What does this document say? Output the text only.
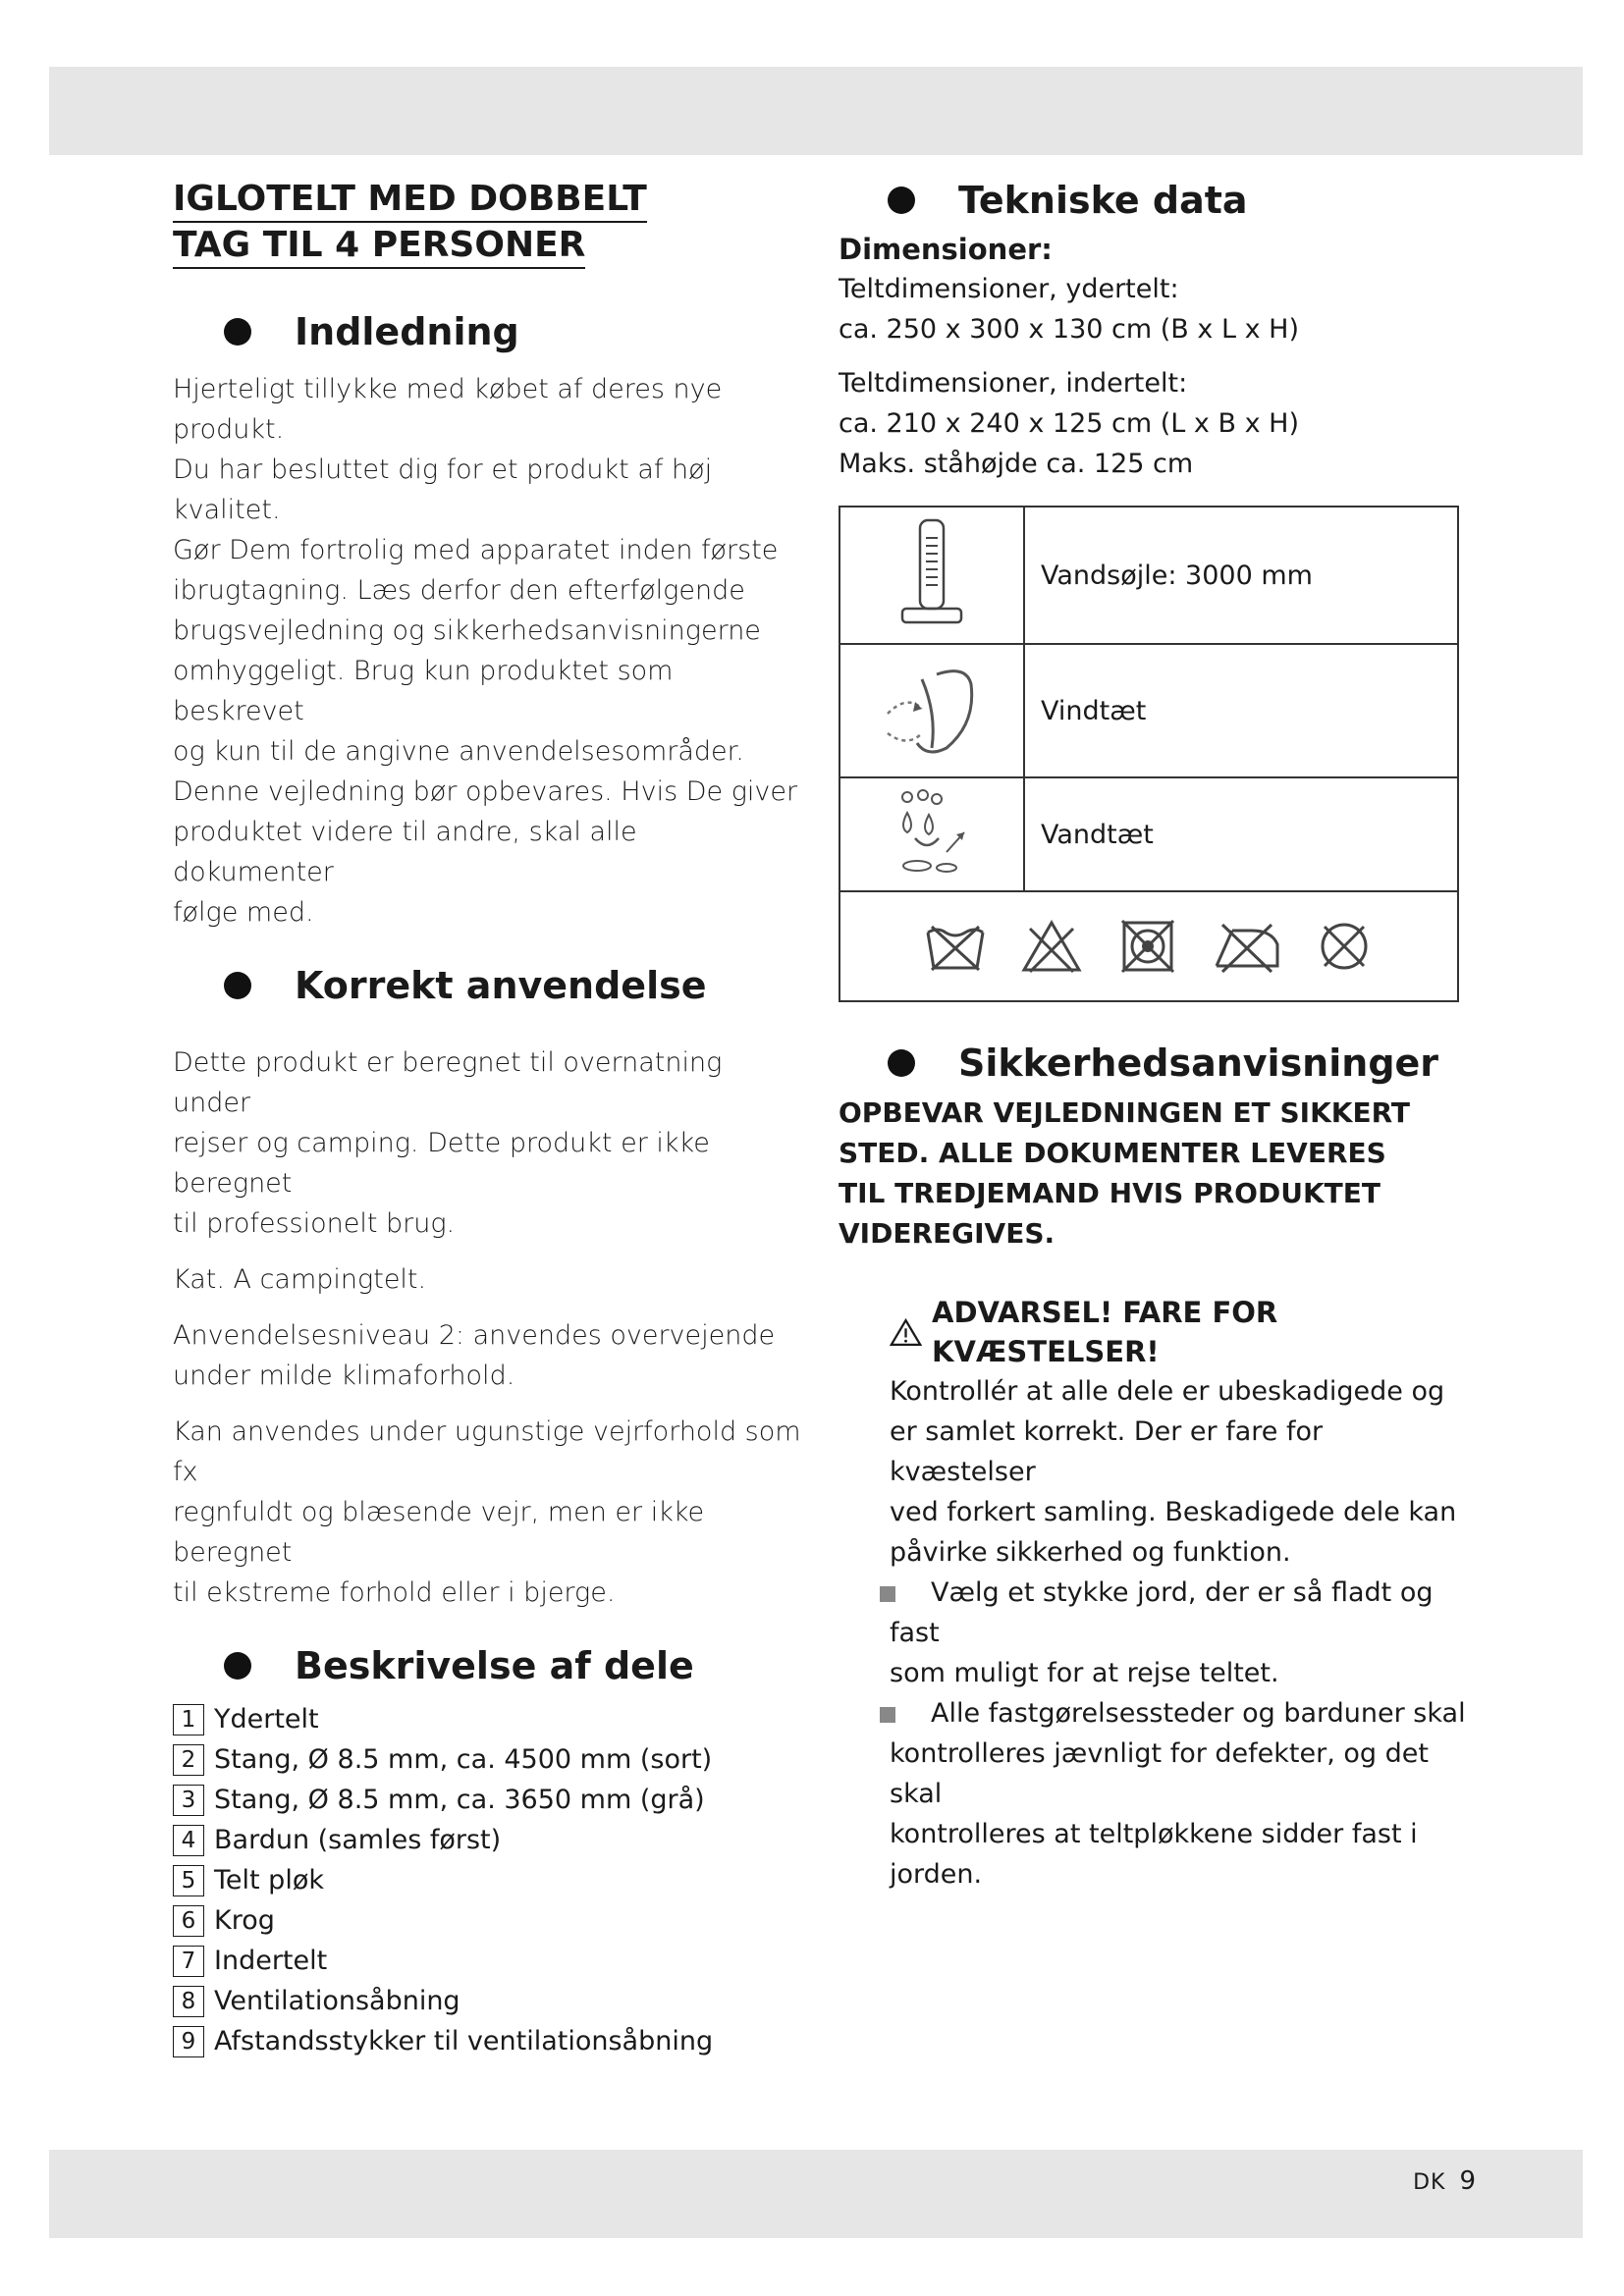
IGLOTELT MED DOBBELT
TAG TIL 4 PERSONER
Indledning
Hjerteligt tillykke med købet af deres nye produkt.
Du har besluttet dig for et produkt af høj kvalitet.
Gør Dem fortrolig med apparatet inden første
ibrugtagning. Læs derfor den efterfølgende
brugsvejledning og sikkerhedsanvisningerne
omhyggeligt. Brug kun produktet som beskrevet
og kun til de angivne anvendelsesområder.
Denne vejledning bør opbevares. Hvis De giver
produktet videre til andre, skal alle dokumenter
følge med.
Korrekt anvendelse
Dette produkt er beregnet til overnatning under
rejser og camping. Dette produkt er ikke beregnet
til professionelt brug.
Kat. A campingtelt.
Anvendelsesniveau 2: anvendes overvejende
under milde klimaforhold.
Kan anvendes under ugunstige vejrforhold som fx
regnfuldt og blæsende vejr, men er ikke beregnet
til ekstreme forhold eller i bjerge.
Beskrivelse af dele
1 Ydertelt
2 Stang, Ø 8.5 mm, ca. 4500 mm (sort)
3 Stang, Ø 8.5 mm, ca. 3650 mm (grå)
4 Bardun (samles først)
5 Telt pløk
6 Krog
7 Indertelt
8 Ventilationsåbning
9 Afstandsstykker til ventilationsåbning
Tekniske data

Dimensioner:

Teltdimensioner, ydertelt:

ca. 250 x 300 x 130 cm (B x L x H)

Teltdimensioner, indertelt:

ca. 210 x 240 x 125 cm (L x B x H)

Maks. ståhøjde ca. 125 cm

	Vandsøjle: 3000 mm
	Vindtæt
	Vandtæt

Sikkerhedsanvisninger

OPBEVAR VEJLEDNINGEN ET SIKKERT

STED. ALLE DOKUMENTER LEVERES

TIL TREDJEMAND HVIS PRODUKTET

VIDEREGIVES.

ADVARSEL! FARE FOR KVÆSTELSER!

Kontrollér at alle dele er ubeskadigede og

er samlet korrekt. Der er fare for kvæstelser

ved forkert samling. Beskadigede dele kan

påvirke sikkerhed og funktion.

Vælg et stykke jord, der er så fladt og fast

som muligt for at rejse teltet.

Alle fastgørelsessteder og barduner skal

kontrolleres jævnligt for defekter, og det skal

kontrolleres at teltpløkkene sidder fast i jorden.

DK 9
